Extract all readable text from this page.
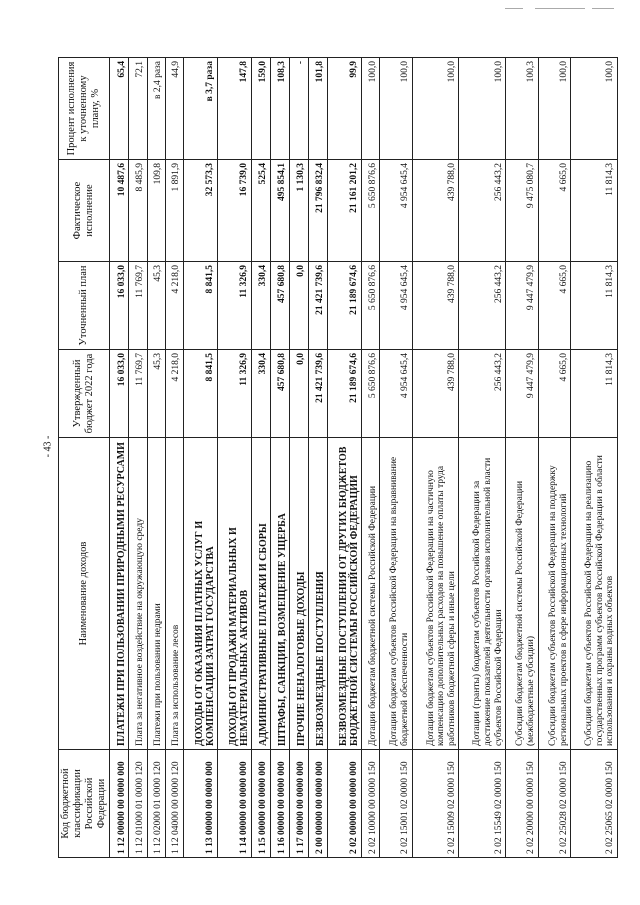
- 43 -
Код бюджетной классификации Российской Федерации	Наименование доходов	Утвержденный бюджет 2022 года	Уточненный план	Фактическое исполнение	Процент исполнения к уточненному плану, %
1 12 00000 00 0000 000	ПЛАТЕЖИ ПРИ ПОЛЬЗОВАНИИ ПРИРОДНЫМИ РЕСУРСАМИ	16 033,0	16 033,0	10 487,6	65,4
1 12 01000 01 0000 120	Плата за негативное воздействие на окружающую среду	11 769,7	11 769,7	8 485,9	72,1
1 12 02000 01 0000 120	Платежи при пользовании недрами	45,3	45,3	109,8	в 2,4 раза
1 12 04000 00 0000 120	Плата за использование лесов	4 218,0	4 218,0	1 891,9	44,9
1 13 00000 00 0000 000	ДОХОДЫ ОТ ОКАЗАНИЯ ПЛАТНЫХ УСЛУГ И КОМПЕНСАЦИИ ЗАТРАТ ГОСУДАРСТВА	8 841,5	8 841,5	32 573,3	в 3,7 раза
1 14 00000 00 0000 000	ДОХОДЫ ОТ ПРОДАЖИ МАТЕРИАЛЬНЫХ И НЕМАТЕРИАЛЬНЫХ АКТИВОВ	11 326,9	11 326,9	16 739,0	147,8
1 15 00000 00 0000 000	АДМИНИСТРАТИВНЫЕ ПЛАТЕЖИ И СБОРЫ	330,4	330,4	525,4	159,0
1 16 00000 00 0000 000	ШТРАФЫ, САНКЦИИ, ВОЗМЕЩЕНИЕ УЩЕРБА	457 680,8	457 680,8	495 854,1	108,3
1 17 00000 00 0000 000	ПРОЧИЕ НЕНАЛОГОВЫЕ ДОХОДЫ	0,0	0,0	1 130,3	-
2 00 00000 00 0000 000	БЕЗВОЗМЕЗДНЫЕ ПОСТУПЛЕНИЯ	21 421 739,6	21 421 739,6	21 796 832,4	101,8
2 02 00000 00 0000 000	БЕЗВОЗМЕЗДНЫЕ ПОСТУПЛЕНИЯ ОТ ДРУГИХ БЮДЖЕТОВ БЮДЖЕТНОЙ СИСТЕМЫ РОССИЙСКОЙ ФЕДЕРАЦИИ	21 189 674,6	21 189 674,6	21 161 201,2	99,9
2 02 10000 00 0000 150	Дотации бюджетам бюджетной системы Российской Федерации	5 650 876,6	5 650 876,6	5 650 876,6	100,0
2 02 15001 02 0000 150	Дотации бюджетам субъектов Российской Федерации на выравнивание бюджетной обеспеченности	4 954 645,4	4 954 645,4	4 954 645,4	100,0
2 02 15009 02 0000 150	Дотации бюджетам субъектов Российской Федерации на частичную компенсацию дополнительных расходов на повышение оплаты труда работников бюджетной сферы и иные цели	439 788,0	439 788,0	439 788,0	100,0
2 02 15549 02 0000 150	Дотации (гранты) бюджетам субъектов Российской Федерации за достижение показателей деятельности органов исполнительной власти субъектов Российской Федерации	256 443,2	256 443,2	256 443,2	100,0
2 02 20000 00 0000 150	Субсидии бюджетам бюджетной системы Российской Федерации (межбюджетные субсидии)	9 447 479,9	9 447 479,9	9 475 080,7	100,3
2 02 25028 02 0000 150	Субсидии бюджетам субъектов Российской Федерации на поддержку региональных проектов в сфере информационных технологий	4 665,0	4 665,0	4 665,0	100,0
2 02 25065 02 0000 150	Субсидии бюджетам субъектов Российской Федерации на реализацию государственных программ субъектов Российской Федерации в области использования и охраны водных объектов	11 814,3	11 814,3	11 814,3	100,0
